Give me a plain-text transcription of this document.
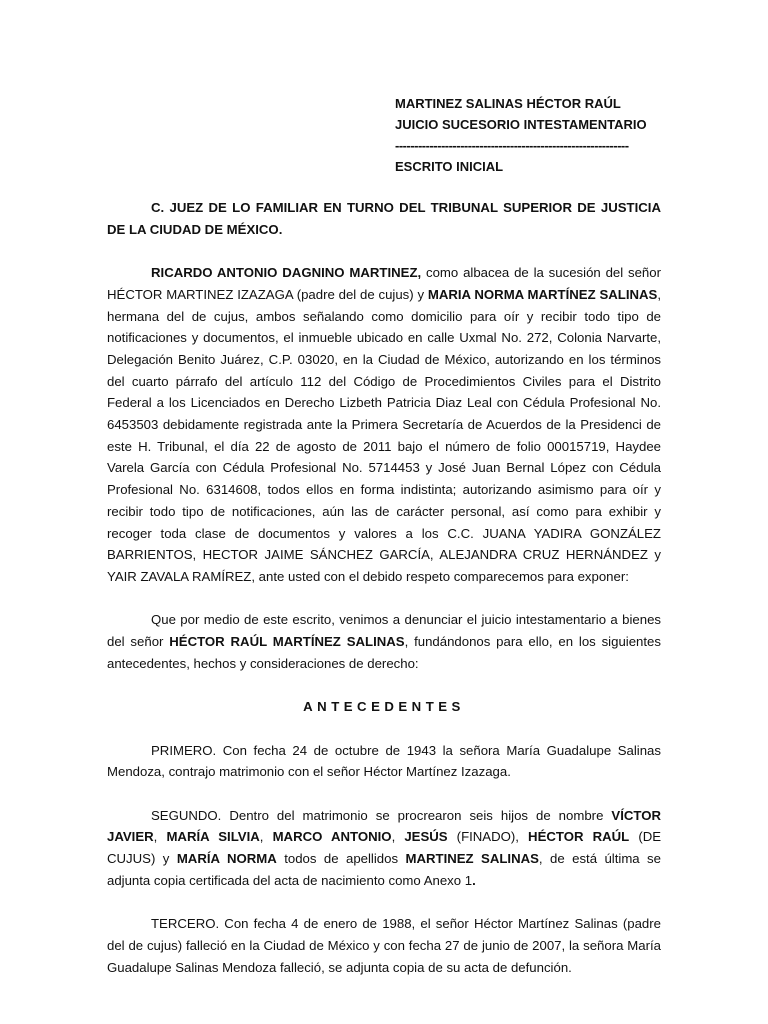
MARTINEZ SALINAS HÉCTOR RAÚL
JUICIO SUCESORIO INTESTAMENTARIO
-------------------------------------------------------------
ESCRITO INICIAL

C. JUEZ DE LO FAMILIAR EN TURNO DEL TRIBUNAL SUPERIOR DE JUSTICIA DE LA CIUDAD DE MÉXICO.

RICARDO ANTONIO DAGNINO MARTINEZ, como albacea de la sucesión del señor HÉCTOR MARTINEZ IZAZAGA (padre del de cujus) y MARIA NORMA MARTÍNEZ SALINAS, hermana del de cujus, ambos señalando como domicilio para oír y recibir todo tipo de notificaciones y documentos, el inmueble ubicado en calle Uxmal No. 272, Colonia Narvarte, Delegación Benito Juárez, C.P. 03020, en la Ciudad de México, autorizando en los términos del cuarto párrafo del artículo 112 del Código de Procedimientos Civiles para el Distrito Federal a los Licenciados en Derecho Lizbeth Patricia Diaz Leal con Cédula Profesional No. 6453503 debidamente registrada ante la Primera Secretaría de Acuerdos de la Presidenci de este H. Tribunal, el día 22 de agosto de 2011 bajo el número de folio 00015719, Haydee Varela García con Cédula Profesional No. 5714453 y José Juan Bernal López con Cédula Profesional No. 6314608, todos ellos en forma indistinta; autorizando asimismo para oír y recibir todo tipo de notificaciones, aún las de carácter personal, así como para exhibir y recoger toda clase de documentos y valores a los C.C. JUANA YADIRA GONZÁLEZ BARRIENTOS, HECTOR JAIME SÁNCHEZ GARCÍA, ALEJANDRA CRUZ HERNÁNDEZ y YAIR ZAVALA RAMÍREZ, ante usted con el debido respeto comparecemos para exponer:

Que por medio de este escrito, venimos a denunciar el juicio intestamentario a bienes del señor HÉCTOR RAÚL MARTÍNEZ SALINAS, fundándonos para ello, en los siguientes antecedentes, hechos y consideraciones de derecho:

ANTECEDENTES

PRIMERO. Con fecha 24 de octubre de 1943 la señora María Guadalupe Salinas Mendoza, contrajo matrimonio con el señor Héctor Martínez Izazaga.

SEGUNDO. Dentro del matrimonio se procrearon seis hijos de nombre VÍCTOR JAVIER, MARÍA SILVIA, MARCO ANTONIO, JESÚS (FINADO), HÉCTOR RAÚL (DE CUJUS) y MARÍA NORMA todos de apellidos MARTINEZ SALINAS, de está última se adjunta copia certificada del acta de nacimiento como Anexo 1.

TERCERO. Con fecha 4 de enero de 1988, el señor Héctor Martínez Salinas (padre del de cujus) falleció en la Ciudad de México y con fecha 27 de junio de 2007, la señora María Guadalupe Salinas Mendoza falleció, se adjunta copia de su acta de defunción.
